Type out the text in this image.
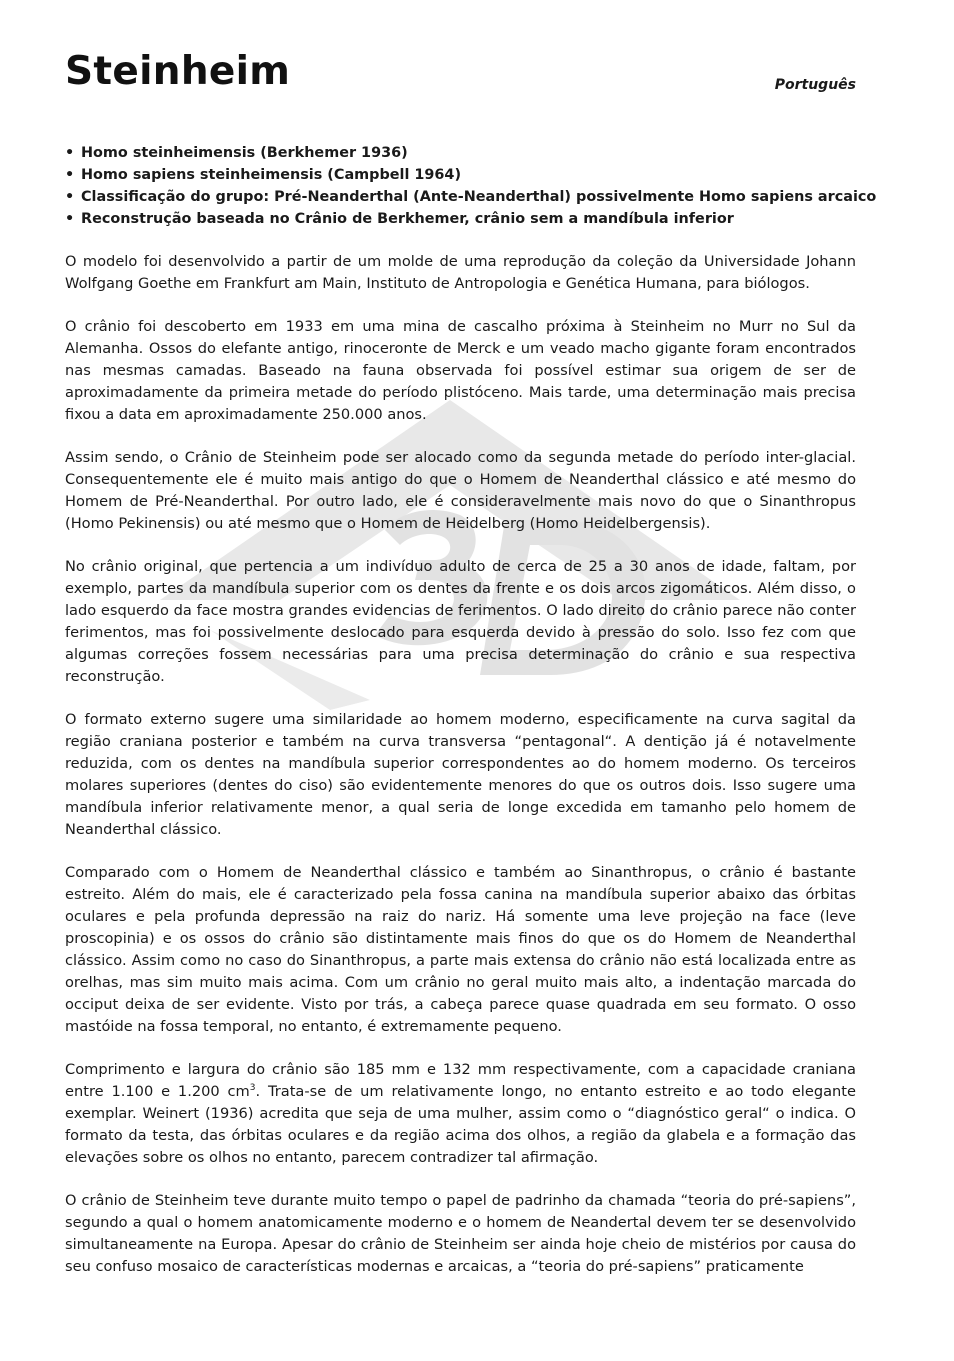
Steinheim	Português
• Homo steinheimensis (Berkhemer 1936)
• Homo sapiens steinheimensis (Campbell 1964)
• Classificação do grupo: Pré-Neanderthal (Ante-Neanderthal) possivelmente Homo sapiens arcaico
• Reconstrução baseada no Crânio de Berkhemer, crânio sem a mandíbula inferior

O modelo foi desenvolvido a partir de um molde de uma reprodução da coleção da Universidade Johann Wolfgang Goethe em Frankfurt am Main, Instituto de Antropologia e Genética Humana, para biólogos.

O crânio foi descoberto em 1933 em uma mina de cascalho próxima à Steinheim no Murr no Sul da Alemanha. Ossos do elefante antigo, rinoceronte de Merck e um veado macho gigante foram encontrados nas mesmas camadas. Baseado na fauna observada foi possível estimar sua origem de ser de aproximadamente da primeira metade do período plistóceno. Mais tarde, uma determinação mais precisa fixou a data em aproximadamente 250.000 anos.

Assim sendo, o Crânio de Steinheim pode ser alocado como da segunda metade do período inter-glacial. Consequentemente ele é muito mais antigo do que o Homem de Neanderthal clássico e até mesmo do Homem de Pré-Neanderthal. Por outro lado, ele é consideravelmente mais novo do que o Sinanthropus (Homo Pekinensis) ou até mesmo que o Homem de Heidelberg (Homo Heidelbergensis).

No crânio original, que pertencia a um indivíduo adulto de cerca de 25 a 30 anos de idade, faltam, por exemplo, partes da mandíbula superior com os dentes da frente e os dois arcos zigomáticos. Além disso, o lado esquerdo da face mostra grandes evidencias de ferimentos. O lado direito do crânio parece não conter ferimentos, mas foi possivelmente deslocado para esquerda devido à pressão do solo. Isso fez com que algumas correções fossem necessárias para uma precisa determinação do crânio e sua respectiva reconstrução.

O formato externo sugere uma similaridade ao homem moderno, especificamente na curva sagital da região craniana posterior e também na curva transversa “pentagonal“. A dentição já é notavelmente reduzida, com os dentes na mandíbula superior correspondentes ao do homem moderno. Os terceiros molares superiores (dentes do ciso) são evidentemente menores do que os outros dois. Isso sugere uma mandíbula inferior relativamente menor, a qual seria de longe excedida em tamanho pelo homem de Neanderthal clássico.

Comparado com o Homem de Neanderthal clássico e também ao Sinanthropus, o crânio é bastante estreito. Além do mais, ele é caracterizado pela fossa canina na mandíbula superior abaixo das órbitas oculares e pela profunda depressão na raiz do nariz. Há somente uma leve projeção na face (leve proscopinia) e os ossos do crânio são distintamente mais finos do que os do Homem de Neanderthal clássico. Assim como no caso do Sinanthropus, a parte mais extensa do crânio não está localizada entre as orelhas, mas sim muito mais acima. Com um crânio no geral muito mais alto, a indentação marcada do occiput deixa de ser evidente. Visto por trás, a cabeça parece quase quadrada em seu formato. O osso mastóide na fossa temporal, no entanto, é extremamente pequeno.

Comprimento e largura do crânio são 185 mm e 132 mm respectivamente, com a capacidade craniana entre 1.100 e 1.200 $cm^3$. Trata-se de um relativamente longo, no entanto estreito e ao todo elegante exemplar. Weinert (1936) acredita que seja de uma mulher, assim como o “diagnóstico geral“ o indica. O formato da testa, das órbitas oculares e da região acima dos olhos, a região da glabela e a formação das elevações sobre os olhos no entanto, parecem contradizer tal afirmação.

O crânio de Steinheim teve durante muito tempo o papel de padrinho da chamada “teoria do pré-sapiens”, segundo a qual o homem anatomicamente moderno e o homem de Neandertal devem ter se desenvolvido simultaneamente na Europa. Apesar do crânio de Steinheim ser ainda hoje cheio de mistérios por causa do seu confuso mosaico de características modernas e arcaicas, a “teoria do pré-sapiens” praticamente
